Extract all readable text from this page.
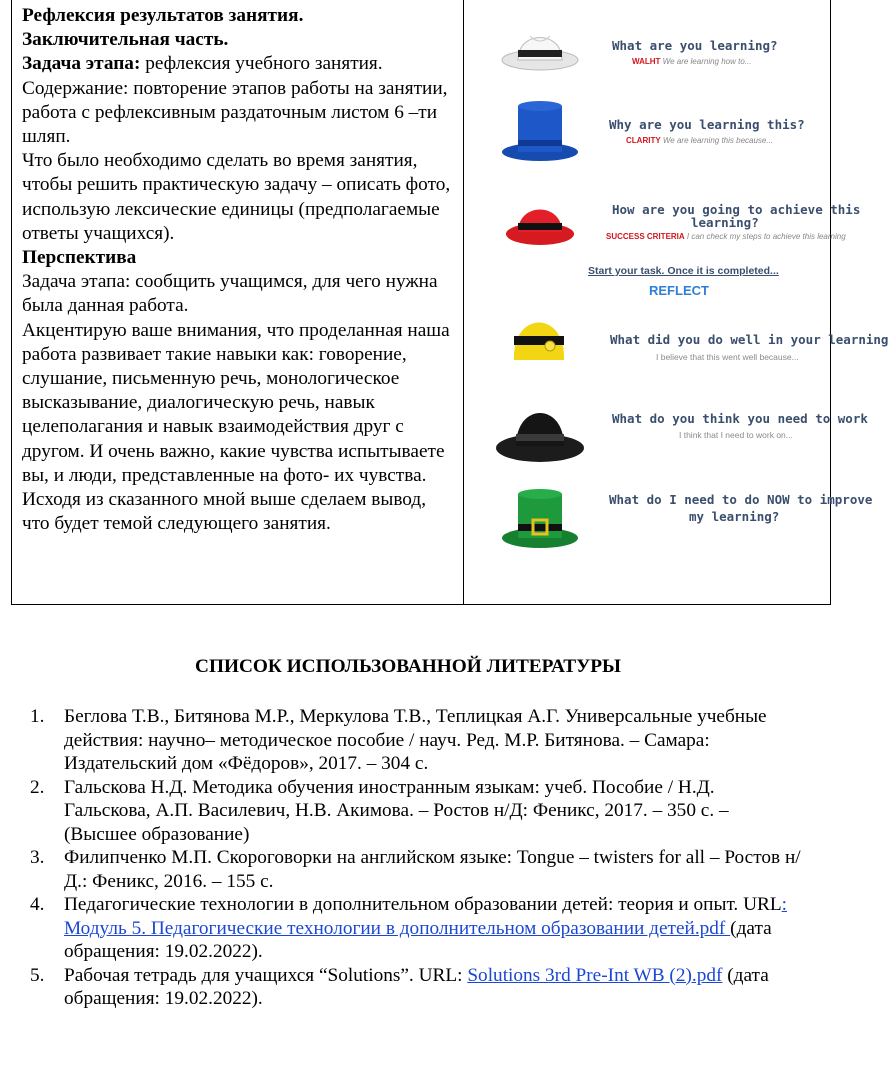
Рефлексия результатов занятия.

Заключительная часть.

Задача этапа: рефлексия учебного занятия.

Содержание: повторение этапов работы на занятии, работа с рефлексивным раздаточным листом 6 –ти шляп.

Что было необходимо сделать во время занятия, чтобы решить практическую задачу – описать фото, использую лексические единицы (предполагаемые ответы учащихся).

Перспектива

Задача этапа: сообщить учащимся, для чего нужна была данная работа.

Акцентирую ваше внимания, что проделанная наша работа развивает такие навыки как: говорение, слушание, письменную речь, монологическое высказывание, диалогическую речь, навык целеполагания и навык взаимодействия друг с другом. И очень важно, какие чувства испытываете вы, и люди, представленные на фото- их чувства. Исходя из сказанного мной выше сделаем вывод, что будет темой следующего занятия.

What are you learning?
WALHT We are learning how to...
Why are you learning this?
CLARITY We are learning this because...
How are you going to achieve this
learning?
SUCCESS CRITERIA I can check my steps to achieve this learning
Start your task. Once it is completed...
REFLECT
What did you do well in your learning
I believe that this went well because...
What do you think you need to work
I think that I need to work on...
What do I need to do NOW to improve
my learning?
СПИСОК ИСПОЛЬЗОВАННОЙ ЛИТЕРАТУРЫ
1. Беглова Т.В., Битянова М.Р., Меркулова Т.В., Теплицкая А.Г. Универсальные учебные действия: научно– методическое пособие / науч. Ред. М.Р. Битянова. – Самара: Издательский дом «Фёдоров», 2017. – 304 с.
2. Гальскова Н.Д. Методика обучения иностранным языкам: учеб. Пособие / Н.Д. Гальскова, А.П. Василевич, Н.В. Акимова. – Ростов н/Д: Феникс, 2017. – 350 с. – (Высшее образование)
3. Филипченко М.П. Скороговорки на английском языке: Tongue – twisters for all – Ростов н/Д.: Феникс, 2016. – 155 с.
4. Педагогические технологии в дополнительном образовании детей: теория и опыт. URL: Модуль 5. Педагогические технологии в дополнительном образовании детей.pdf (дата обращения: 19.02.2022).
5. Рабочая тетрадь для учащихся “Solutions”. URL: Solutions 3rd Pre-Int WB (2).pdf (дата обращения: 19.02.2022).
